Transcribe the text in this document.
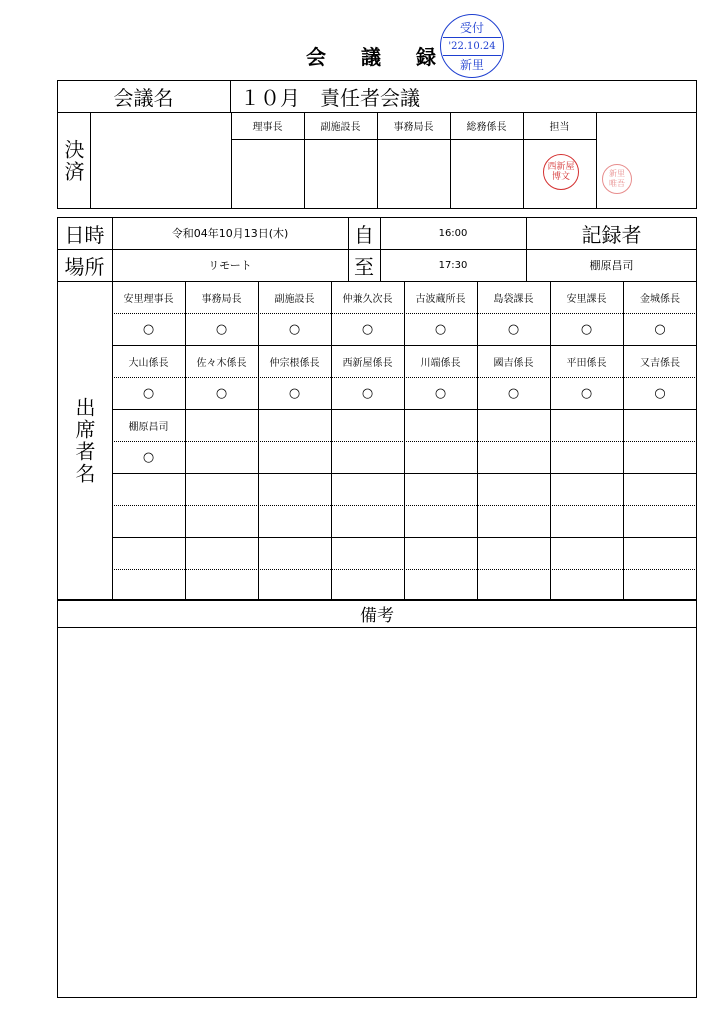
会 議 録
受付
'22.10.24
新里
会議名	１０月　責任者会議
決済
理事長	副施設長	事務局長	総務係長	担当
西新屋
博文	新里
唯吾
日時	令和04年10月13日(木)	自	16:00	記録者
場所	リモート	至	17:30	棚原昌司
出席者名
安里理事長	事務局長	副施設長	仲兼久次長	古波蔵所長	島袋課長	安里課長	金城係長
○	○	○	○	○	○	○	○
大山係長	佐々木係長	仲宗根係長	西新屋係長	川端係長	國吉係長	平田係長	又吉係長
○	○	○	○	○	○	○	○
棚原昌司
○
備考
